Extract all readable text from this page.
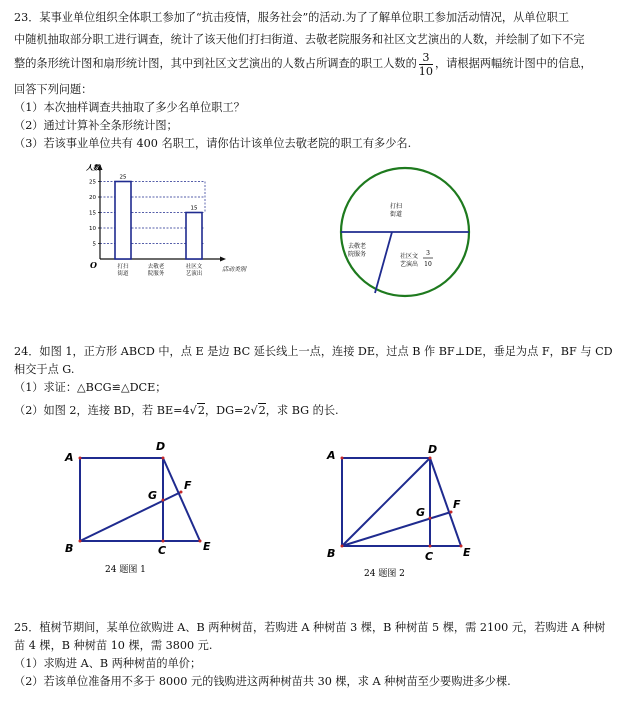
23．某事业单位组织全体职工参加了“抗击疫情，服务社会”的活动.为了了解单位职工参加活动情况，从单位职工
中随机抽取部分职工进行调查，统计了该天他们打扫街道、去敬老院服务和社区文艺演出的人数，并绘制了如下不完
整的条形统计图和扇形统计图，其中到社区文艺演出的人数占所调查的职工人数的 $\frac{3}{10}$ ，请根据两幅统计图中的信息，
回答下列问题：
（1）本次抽样调查共抽取了多少名单位职工？
（2）通过计算补全条形统计图；
（3）若该事业单位共有 400 名职工，请你估计该单位去敬老院的职工有多少名.
5
10
15
20
25
人数
O	活动类别
25
打扫
街道
去敬老
院服务
15
社区文
艺演出
打扫
街道
去敬老
院服务	社区文
艺演出
3
10
24．如图 1，正方形 ABCD 中，点 E 是边 BC 延长线上一点，连接 DE，过点 B 作 BF⊥DE，垂足为点 F，BF 与 CD
相交于点 G.
（1）求证：△BCG≌△DCE；
（2）如图 2，连接 BD，若 BE=4√2，DG=2√2，求 BG 的长.
A
D
B	C	E
F
G
24 题图 1
A	D
B	C	E
F
G
24 题图 2
25．植树节期间，某单位欲购进 A、B 两种树苗，若购进 A 种树苗 3 棵，B 种树苗 5 棵，需 2100 元，若购进 A 种树
苗 4 棵，B 种树苗 10 棵，需 3800 元.
（1）求购进 A、B 两种树苗的单价；
（2）若该单位准备用不多于 8000 元的钱购进这两种树苗共 30 棵，求 A 种树苗至少要购进多少棵.
